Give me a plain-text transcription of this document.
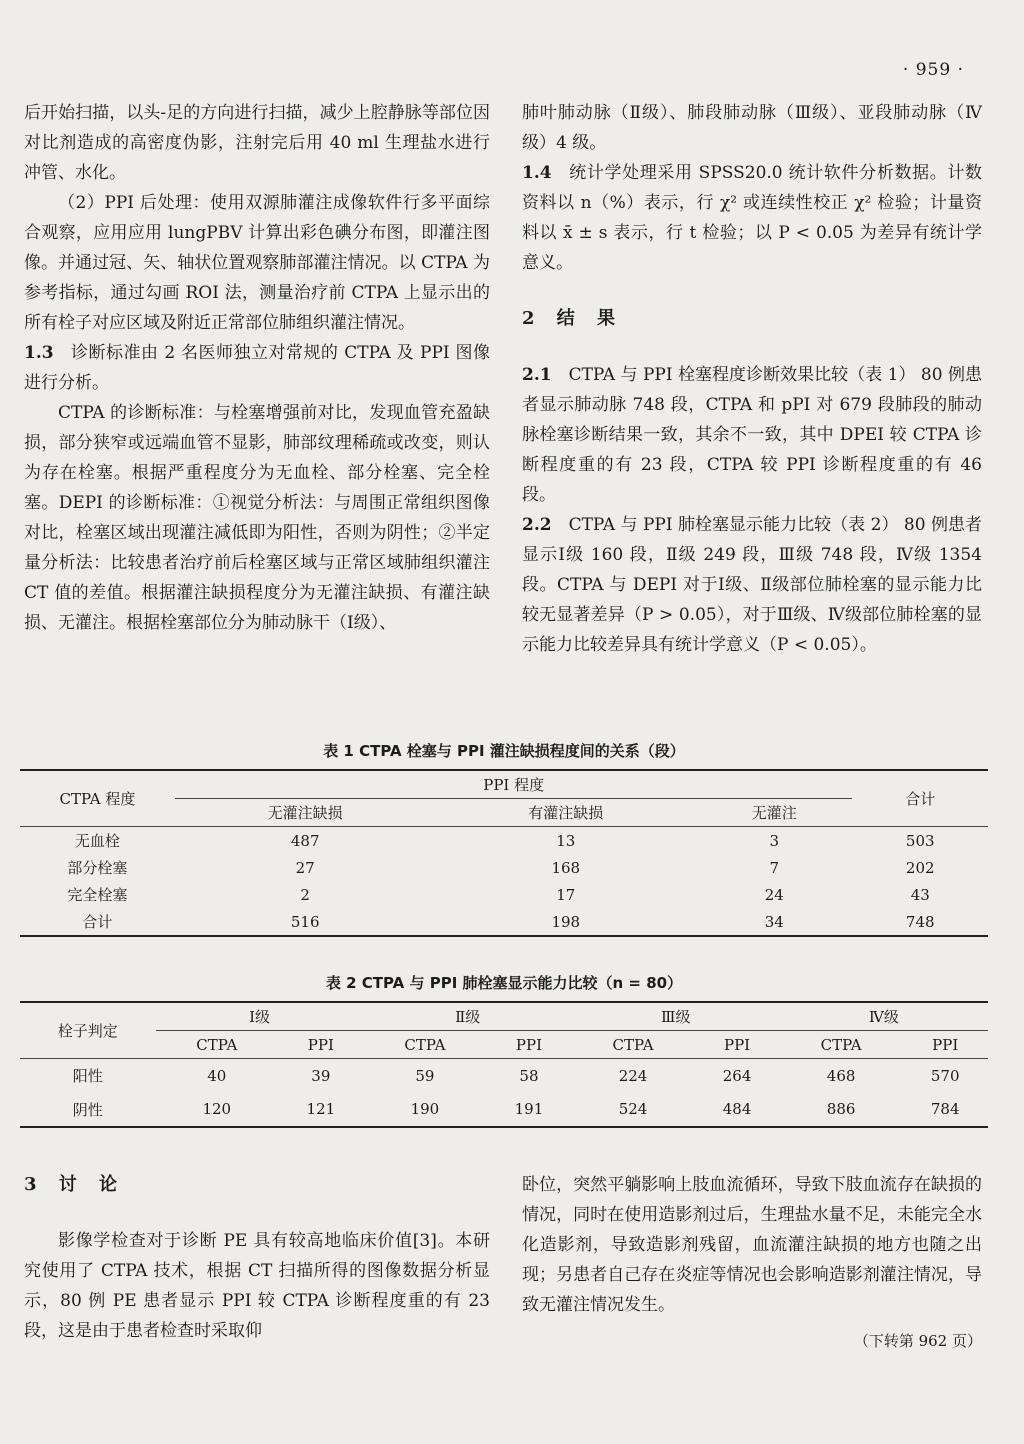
· 959 ·

后开始扫描，以头-足的方向进行扫描，减少上腔静脉等部位因对比剂造成的高密度伪影，注射完后用 40 ml 生理盐水进行冲管、水化。

（2）PPI 后处理：使用双源肺灌注成像软件行多平面综合观察，应用应用 lungPBV 计算出彩色碘分布图，即灌注图像。并通过冠、矢、轴状位置观察肺部灌注情况。以 CTPA 为参考指标，通过勾画 ROI 法，测量治疗前 CTPA 上显示出的所有栓子对应区域及附近正常部位肺组织灌注情况。

1.3  诊断标准由 2 名医师独立对常规的 CTPA 及 PPI 图像进行分析。

CTPA 的诊断标准：与栓塞增强前对比，发现血管充盈缺损，部分狭窄或远端血管不显影，肺部纹理稀疏或改变，则认为存在栓塞。根据严重程度分为无血栓、部分栓塞、完全栓塞。DEPI 的诊断标准：①视觉分析法：与周围正常组织图像对比，栓塞区域出现灌注减低即为阳性，否则为阴性；②半定量分析法：比较患者治疗前后栓塞区域与正常区域肺组织灌注 CT 值的差值。根据灌注缺损程度分为无灌注缺损、有灌注缺损、无灌注。根据栓塞部位分为肺动脉干（Ⅰ级）、

肺叶肺动脉（Ⅱ级）、肺段肺动脉（Ⅲ级）、亚段肺动脉（Ⅳ级）4 级。

1.4  统计学处理采用 SPSS20.0 统计软件分析数据。计数资料以 n（%）表示，行 χ² 或连续性校正 χ² 检验；计量资料以 x̄ ± s 表示，行 t 检验；以 P < 0.05 为差异有统计学意义。

2 结 果

2.1  CTPA 与 PPI 栓塞程度诊断效果比较（表 1） 80 例患者显示肺动脉 748 段，CTPA 和 pPI 对 679 段肺段的肺动脉栓塞诊断结果一致，其余不一致，其中 DPEI 较 CTPA 诊断程度重的有 23 段，CTPA 较 PPI 诊断程度重的有 46 段。

2.2  CTPA 与 PPI 肺栓塞显示能力比较（表 2） 80 例患者显示Ⅰ级 160 段，Ⅱ级 249 段，Ⅲ级 748 段，Ⅳ级 1354 段。CTPA 与 DEPI 对于Ⅰ级、Ⅱ级部位肺栓塞的显示能力比较无显著差异（P > 0.05），对于Ⅲ级、Ⅳ级部位肺栓塞的显示能力比较差异具有统计学意义（P < 0.05）。

表 1 CTPA 栓塞与 PPI 灌注缺损程度间的关系（段）
CTPA 程度	PPI 程度			合计
	无灌注缺损	有灌注缺损	无灌注	
无血栓	487	13	3	503
部分栓塞	27	168	7	202
完全栓塞	2	17	24	43
合计	516	198	34	748
表 2 CTPA 与 PPI 肺栓塞显示能力比较（n = 80）
栓子判定	Ⅰ级		Ⅱ级		Ⅲ级		Ⅳ级	
	CTPA	PPI	CTPA	PPI	CTPA	PPI	CTPA	PPI
阳性	40	39	59	58	224	264	468	570
阴性	120	121	190	191	524	484	886	784

3 讨 论

影像学检查对于诊断 PE 具有较高地临床价值[3]。本研究使用了 CTPA 技术，根据 CT 扫描所得的图像数据分析显示，80 例 PE 患者显示 PPI 较 CTPA 诊断程度重的有 23 段，这是由于患者检查时采取仰

卧位，突然平躺影响上肢血流循环，导致下肢血流存在缺损的情况，同时在使用造影剂过后，生理盐水量不足，未能完全水化造影剂，导致造影剂残留，血流灌注缺损的地方也随之出现；另患者自己存在炎症等情况也会影响造影剂灌注情况，导致无灌注情况发生。

（下转第 962 页）
